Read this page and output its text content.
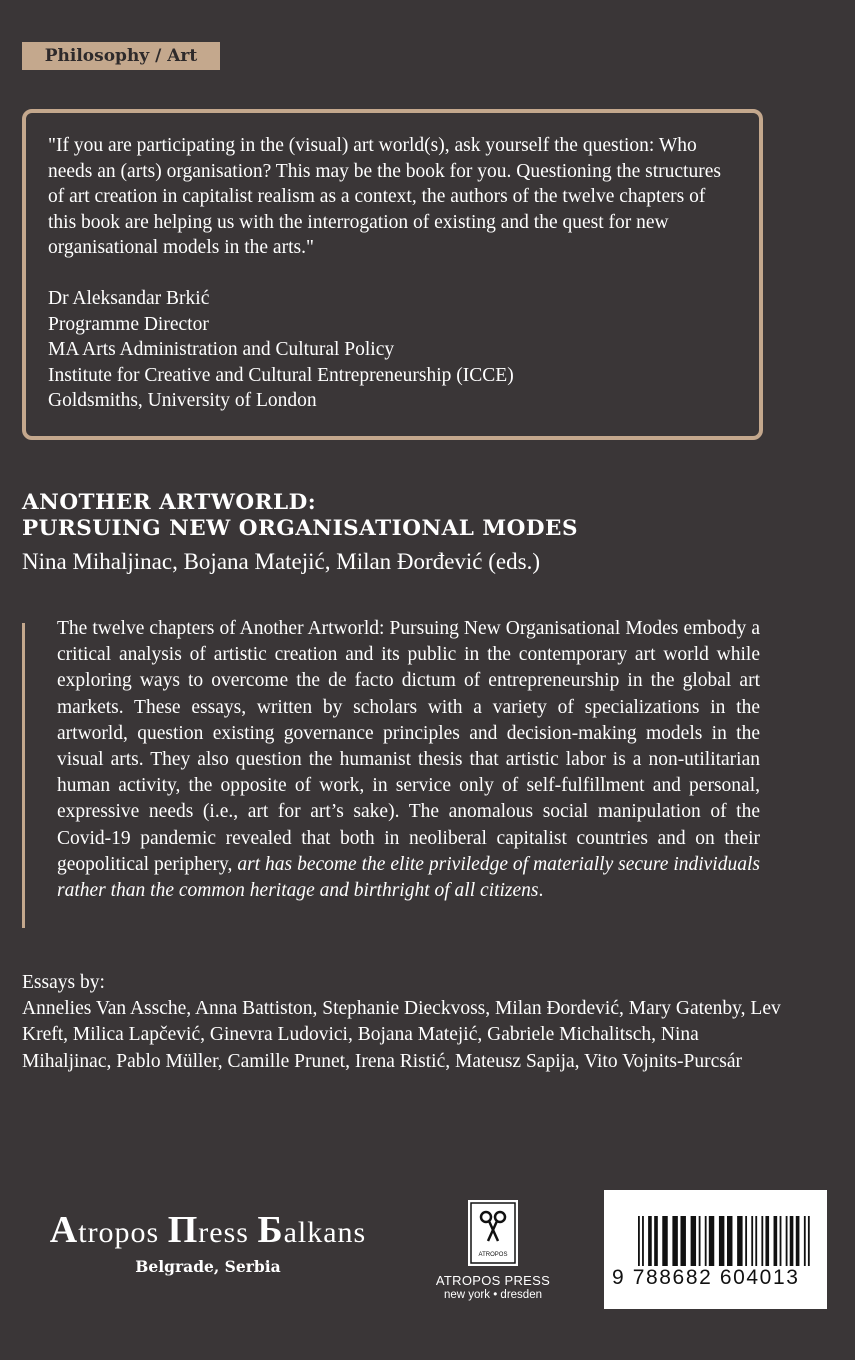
Philosophy / Art

"If you are participating in the (visual) art world(s), ask yourself the question: Who needs an (arts) organisation? This may be the book for you. Questioning the structures of art creation in capitalist realism as a context, the authors of the twelve chapters of this book are helping us with the interrogation of existing and the quest for new organisational models in the arts."

Dr Aleksandar Brkić
Programme Director
MA Arts Administration and Cultural Policy
Institute for Creative and Cultural Entrepreneurship (ICCE)
Goldsmiths, University of London
ANOTHER ARTWORLD:
PURSUING NEW ORGANISATIONAL MODES
Nina Mihaljinac, Bojana Matejić, Milan Đorđević (eds.)

The twelve chapters of Another Artworld: Pursuing New Organisational Modes embody a critical analysis of artistic creation and its public in the contemporary art world while exploring ways to overcome the de facto dictum of entrepreneurship in the global art markets. These essays, written by scholars with a variety of specializations in the artworld, question existing governance principles and decision-making models in the visual arts. They also question the humanist thesis that artistic labor is a non-utilitarian human activity, the opposite of work, in service only of self-fulfillment and personal, expressive needs (i.e., art for art’s sake). The anomalous social manipulation of the Covid-19 pandemic revealed that both in neoliberal capitalist countries and on their geopolitical periphery, art has become the elite priviledge of materially secure individuals rather than the common heritage and birthright of all citizens.

Essays by:

Annelies Van Assche, Anna Battiston, Stephanie Dieckvoss, Milan Đordević, Mary Gatenby, Lev Kreft, Milica Lapčević, Ginevra Ludovici, Bojana Matejić, Gabriele Michalitsch, Nina Mihaljinac, Pablo Müller, Camille Prunet, Irena Ristić, Mateusz Sapija, Vito Vojnits-Purcsár

Atropos Пress Бalkans
Belgrade, Serbia
ATROPOS
ATROPOS PRESS
new york • dresden
9 788682 604013
